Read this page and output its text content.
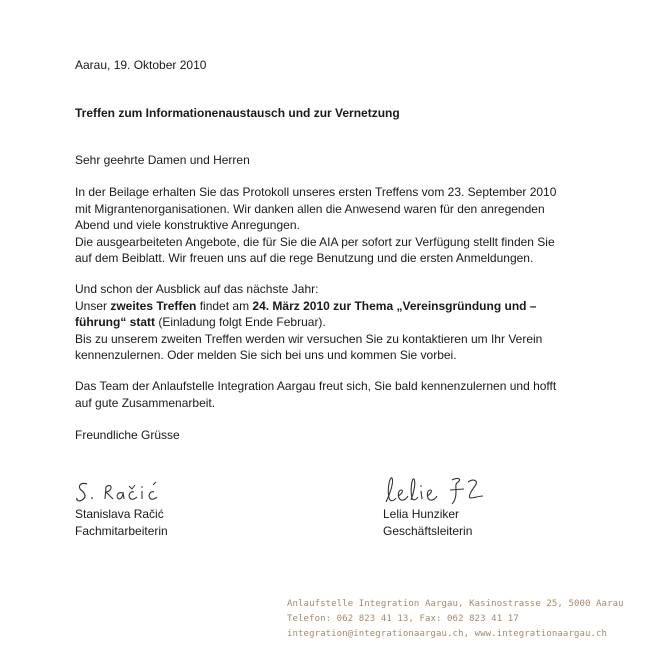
Aarau, 19. Oktober 2010
Treffen zum Informationenaustausch und zur Vernetzung
Sehr geehrte Damen und Herren
In der Beilage erhalten Sie das Protokoll unseres ersten Treffens vom 23. September 2010
mit Migrantenorganisationen. Wir danken allen die Anwesend waren für den anregenden
Abend und viele konstruktive Anregungen.
Die ausgearbeiteten Angebote, die für Sie die AIA per sofort zur Verfügung stellt finden Sie
auf dem Beiblatt. Wir freuen uns auf die rege Benutzung und die ersten Anmeldungen.
Und schon der Ausblick auf das nächste Jahr:
Unser zweites Treffen findet am 24. März 2010 zur Thema „Vereinsgründung und –
führung“ statt (Einladung folgt Ende Februar).
Bis zu unserem zweiten Treffen werden wir versuchen Sie zu kontaktieren um Ihr Verein
kennenzulernen. Oder melden Sie sich bei uns und kommen Sie vorbei.
Das Team der Anlaufstelle Integration Aargau freut sich, Sie bald kennenzulernen und hofft
auf gute Zusammenarbeit.
Freundliche Grüsse
Stanislava Račić
Fachmitarbeiterin
Lelia Hunziker
Geschäftsleiterin
Anlaufstelle Integration Aargau, Kasinostrasse 25, 5000 Aarau
Telefon: 062 823 41 13, Fax: 062 823 41 17
integration@integrationaargau.ch, www.integrationaargau.ch
